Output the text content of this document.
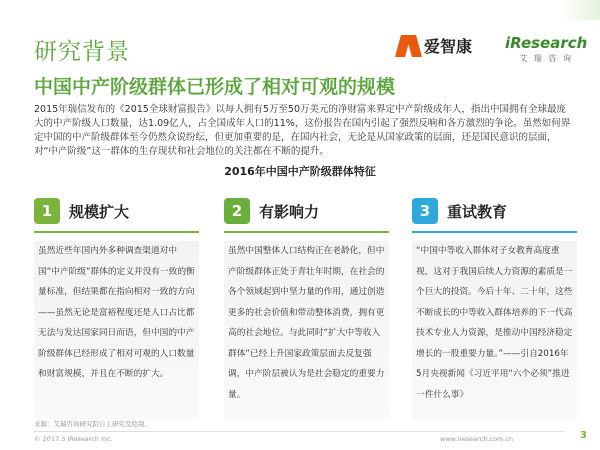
研究背景
中国中产阶级群体已形成了相对可观的规模
爱智康 iResearch
艾 瑞 咨 询
2015年瑞信发布的《2015全球财富报告》以每人拥有5万至50万美元的净财富来界定中产阶级成年人，指出中国拥有全球最庞大的中产阶级人口数量，达1.09亿人，占全国成年人口的11%，这份报告在国内引起了强烈反响和各方激烈的争论。虽然如何界定中国的中产阶级群体至今仍然众说纷纭，但更加重要的是，在国内社会，无论是从国家政策的层面，还是国民意识的层面，对“中产阶级”这一群体的生存现状和社会地位的关注都在不断的提升。
2016年中国中产阶级群体特征
1	规模扩大
虽然近些年国内外多种调查渠道对中国“中产阶级”群体的定义并没有一致的衡量标准，但结果都在指向相对一致的方向——虽然无论是富裕程度还是人口占比都无法与发达国家同日而语，但中国的中产阶级群体已经形成了相对可观的人口数量和财富规模，并且在不断的扩大。
2	有影响力
虽然中国整体人口结构正在老龄化，但中产阶级群体正处于青壮年时期，在社会的各个领域起到中坚力量的作用，通过创造更多的社会价值和带动整体消费，拥有更高的社会地位。与此同时“扩大中等收入群体”已经上升国家政策层面去反复强调，中产阶层被认为是社会稳定的重要力量。
3	重试教育
“中国中等收入群体对子女教育高度重视，这对于我国后续人力资源的素质是一个巨大的投资。今后十年、二十年，这些不断成长的中等收入群体培养的下一代高技术专业人力资源，是推动中国经济稳定增长的一股重要力量。”——引自2016年5月央视新闻《习近平用“六个必须”推进一件什么事》
来源：艾瑞咨询研究院自主研究及绘制。
© 2017.3 iResearch Inc.	www.iresearch.com.cn	3
